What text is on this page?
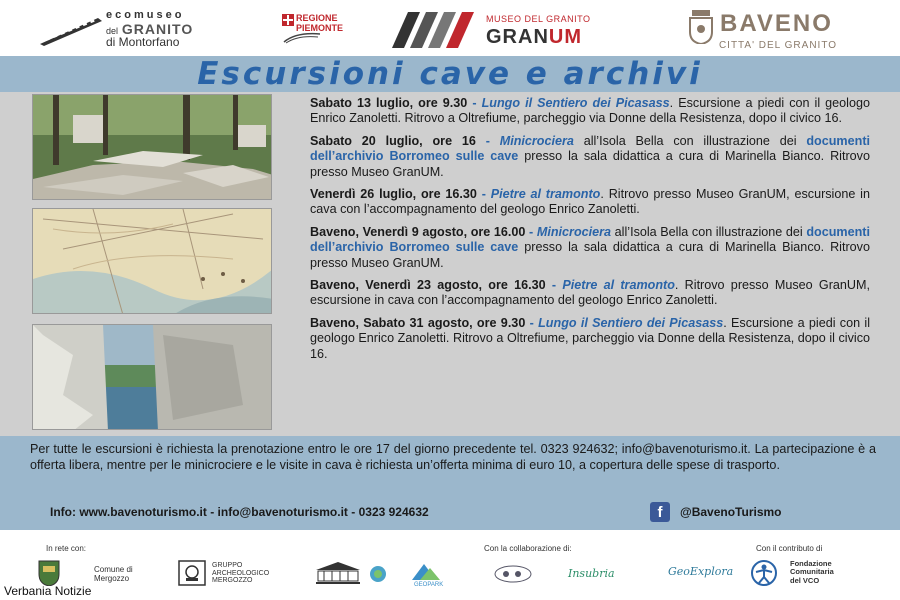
ecomuseo
del GRANITO
di Montorfano
REGIONE
PIEMONTE
MUSEO DEL GRANITO
GRANUM	BAVENO
CITTA' DEL GRANITO
Escursioni cave e archivi

Sabato 13 luglio, ore 9.30 - Lungo il Sentiero dei Picasass. Escursione a piedi con il geologo Enrico Zanoletti. Ritrovo a Oltrefiume, parcheggio via Donne della Resistenza, dopo il civico 16.

Sabato 20 luglio, ore 16 - Minicrociera all’Isola Bella con illustrazione dei documenti dell’archivio Borromeo sulle cave presso la sala didattica a cura di Marinella Bianco. Ritrovo presso Museo GranUM.

Venerdì 26 luglio, ore 16.30 - Pietre al tramonto. Ritrovo presso Museo GranUM, escursione in cava con l’accompagnamento del geologo Enrico Zanoletti.

Baveno, Venerdì 9 agosto, ore 16.00 - Minicrociera all’Isola Bella con illustrazione dei documenti dell’archivio Borromeo sulle cave presso la sala didattica a cura di Marinella Bianco. Ritrovo presso Museo GranUM.

Baveno, Venerdì 23 agosto, ore 16.30 - Pietre al tramonto. Ritrovo presso Museo GranUM, escursione in cava con l’accompagnamento del geologo Enrico Zanoletti.

Baveno, Sabato 31 agosto, ore 9.30 - Lungo il Sentiero dei Picasass. Escursione a piedi con il geologo Enrico Zanoletti. Ritrovo a Oltrefiume, parcheggio via Donne della Resistenza, dopo il civico 16.

Per tutte le escursioni è richiesta la prenotazione entro le ore 17 del giorno precedente tel. 0323 924632; info@bavenoturismo.it. La partecipazione è a offerta libera, mentre per le minicrociere e le visite in cava è richiesta un’offerta minima di euro 10, a copertura delle spese di trasporto.
Info: www.bavenoturismo.it - info@bavenoturismo.it - 0323 924632	f	@BavenoTurismo
In rete con:	Con la collaborazione di:	Con il contributo di
Comune di
Mergozzo
GRUPPO
ARCHEOLOGICO
MERGOZZO
GEOPARK
Insubria	GeoExplora
Fondazione
Comunitaria
del VCO
Verbania Notizie
